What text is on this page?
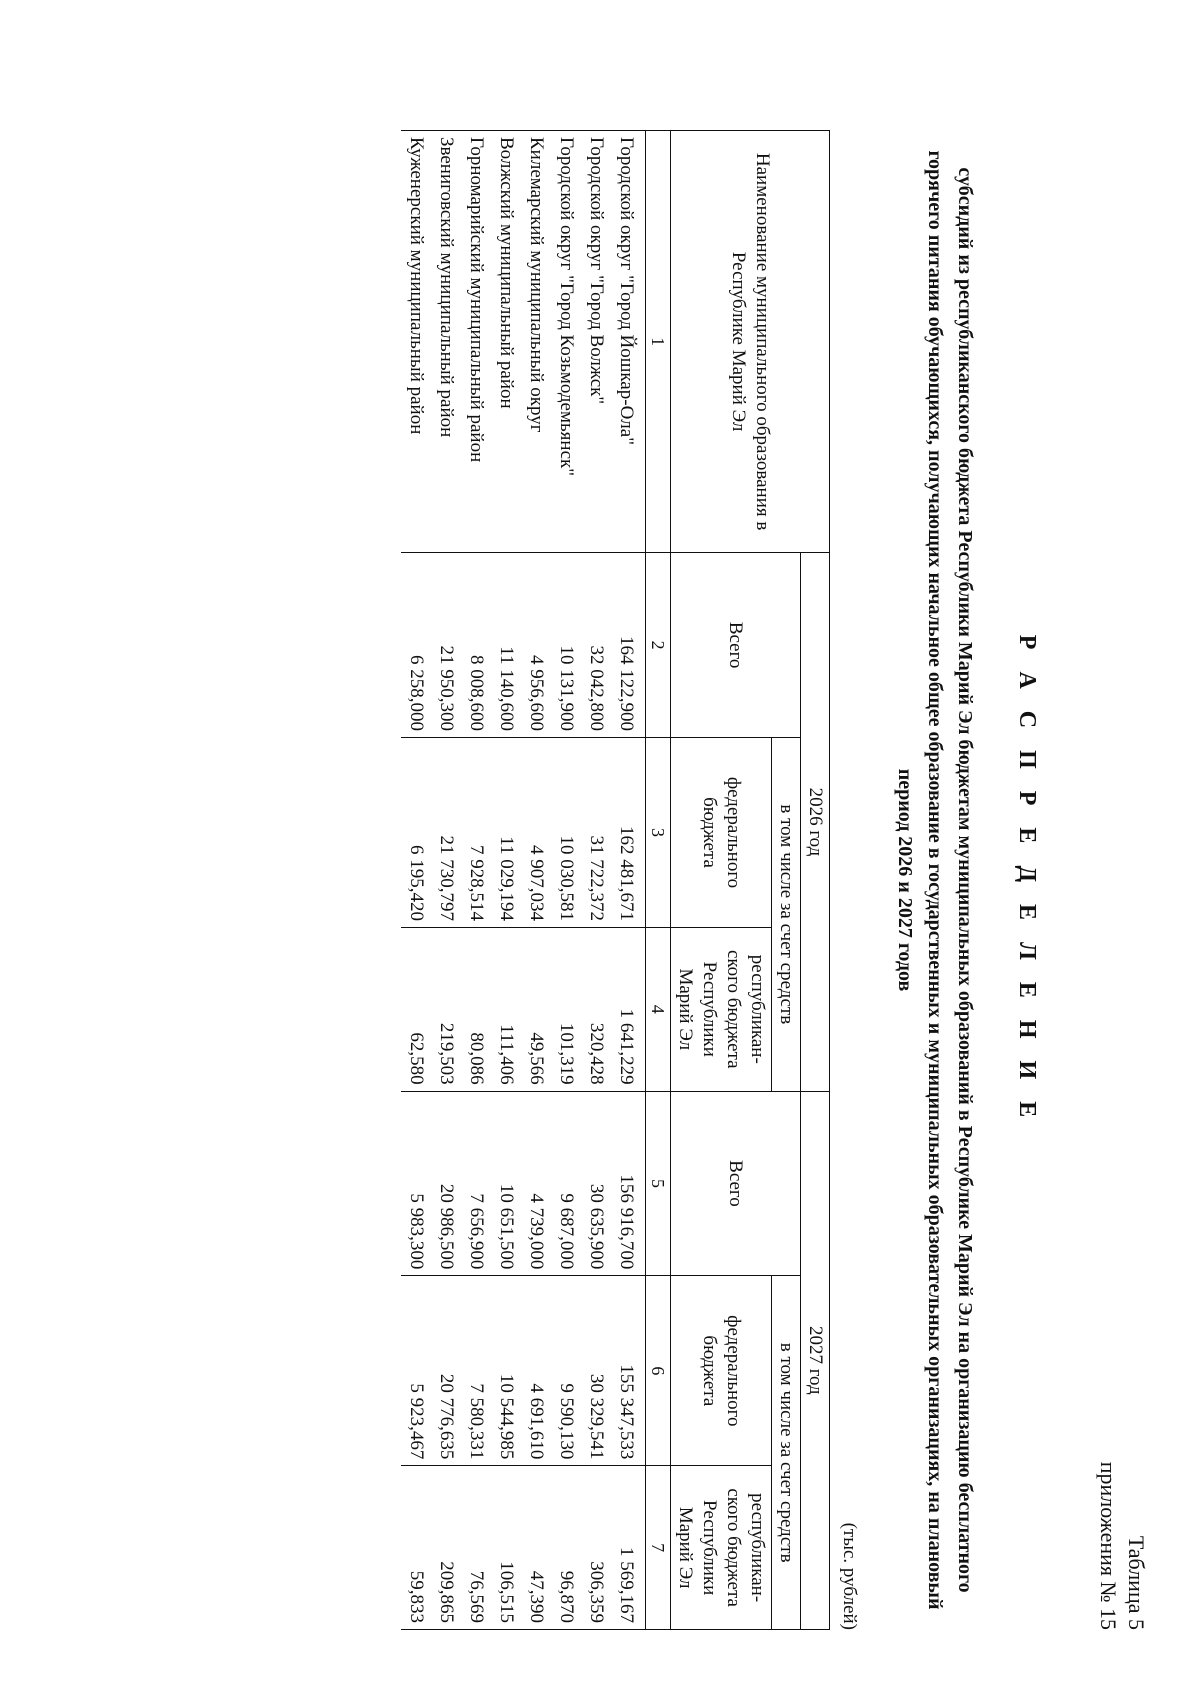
Таблица 5
приложения № 15
Р А С П Р Е Д Е Л Е Н И Е
субсидий из республиканского бюджета Республики Марий Эл бюджетам муниципальных образований в Республике Марий Эл на организацию бесплатного горячего питания обучающихся, получающих начальное общее образование в государственных и муниципальных образовательных организациях, на плановый период 2026 и 2027 годов
(тыс. рублей)
Наименование муниципального образования в Республике Марий Эл	2026 год			2027 год		
	Всего	в том числе за счет средств		Всего	в том числе за счет средств	
		федерального бюджета	республикан-ского бюджета Республики Марий Эл		федерального бюджета	республикан-ского бюджета Республики Марий Эл
1	2	3	4	5	6	7
Городской округ "Город Йошкар-Ола"	164 122,900	162 481,671	1 641,229	156 916,700	155 347,533	1 569,167
Городской округ "Город Волжск"	32 042,800	31 722,372	320,428	30 635,900	30 329,541	306,359
Городской округ "Город Козьмодемьянск"	10 131,900	10 030,581	101,319	9 687,000	9 590,130	96,870
Килемарский муниципальный округ	4 956,600	4 907,034	49,566	4 739,000	4 691,610	47,390
Волжский муниципальный район	11 140,600	11 029,194	111,406	10 651,500	10 544,985	106,515
Горномарийский муниципальный район	8 008,600	7 928,514	80,086	7 656,900	7 580,331	76,569
Звениговский муниципальный район	21 950,300	21 730,797	219,503	20 986,500	20 776,635	209,865
Куженерский муниципальный район	6 258,000	6 195,420	62,580	5 983,300	5 923,467	59,833
